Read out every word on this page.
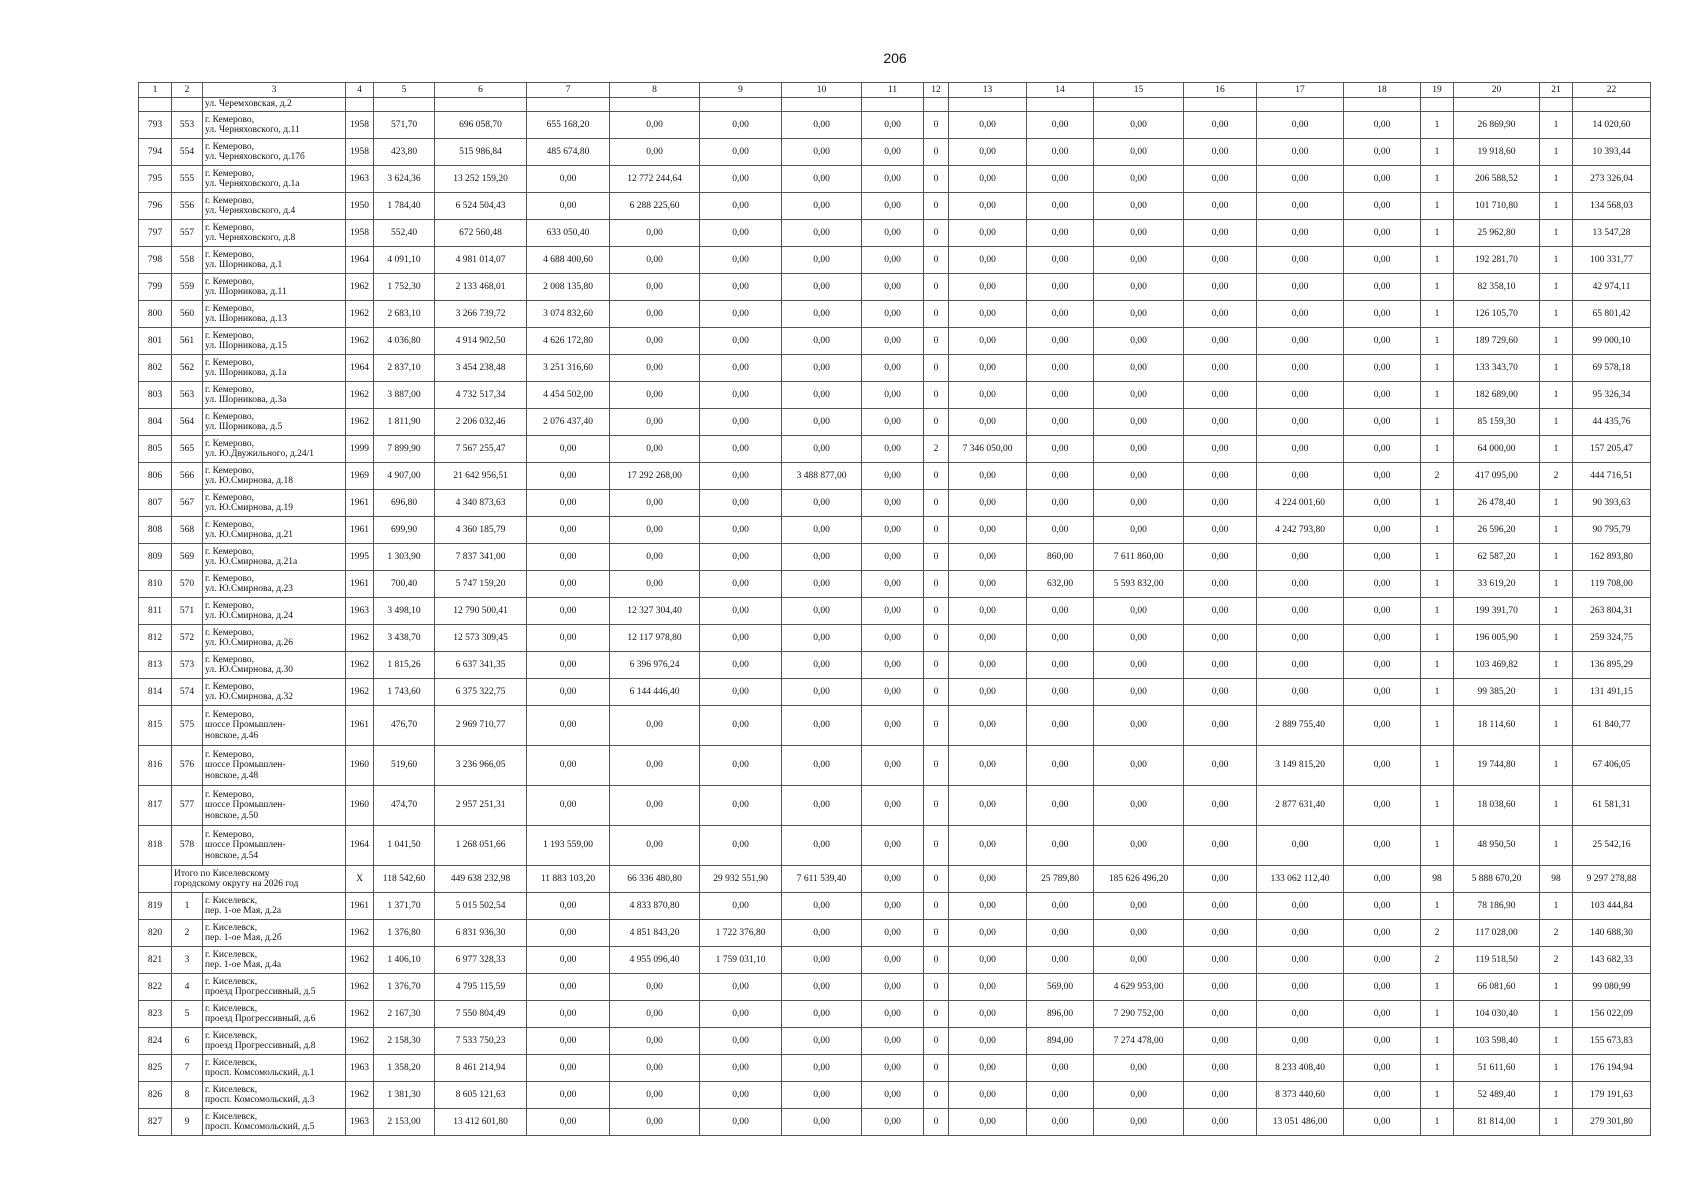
206
1	2	3	4	5	6	7	8	9	10	11	12	13	14	15	16	17	18	19	20	21	22
		ул. Черемховская, д.2																			
793	553	г. Кемерово,
ул. Черняховского, д.11	1958	571,70	696 058,70	655 168,20	0,00	0,00	0,00	0,00	0	0,00	0,00	0,00	0,00	0,00	0,00	1	26 869,90	1	14 020,60
794	554	г. Кемерово,
ул. Черняховского, д.17б	1958	423,80	515 986,84	485 674,80	0,00	0,00	0,00	0,00	0	0,00	0,00	0,00	0,00	0,00	0,00	1	19 918,60	1	10 393,44
795	555	г. Кемерово,
ул. Черняховского, д.1а	1963	3 624,36	13 252 159,20	0,00	12 772 244,64	0,00	0,00	0,00	0	0,00	0,00	0,00	0,00	0,00	0,00	1	206 588,52	1	273 326,04
796	556	г. Кемерово,
ул. Черняховского, д.4	1950	1 784,40	6 524 504,43	0,00	6 288 225,60	0,00	0,00	0,00	0	0,00	0,00	0,00	0,00	0,00	0,00	1	101 710,80	1	134 568,03
797	557	г. Кемерово,
ул. Черняховского, д.8	1958	552,40	672 560,48	633 050,40	0,00	0,00	0,00	0,00	0	0,00	0,00	0,00	0,00	0,00	0,00	1	25 962,80	1	13 547,28
798	558	г. Кемерово,
ул. Шорникова, д.1	1964	4 091,10	4 981 014,07	4 688 400,60	0,00	0,00	0,00	0,00	0	0,00	0,00	0,00	0,00	0,00	0,00	1	192 281,70	1	100 331,77
799	559	г. Кемерово,
ул. Шорникова, д.11	1962	1 752,30	2 133 468,01	2 008 135,80	0,00	0,00	0,00	0,00	0	0,00	0,00	0,00	0,00	0,00	0,00	1	82 358,10	1	42 974,11
800	560	г. Кемерово,
ул. Шорникова, д.13	1962	2 683,10	3 266 739,72	3 074 832,60	0,00	0,00	0,00	0,00	0	0,00	0,00	0,00	0,00	0,00	0,00	1	126 105,70	1	65 801,42
801	561	г. Кемерово,
ул. Шорникова, д.15	1962	4 036,80	4 914 902,50	4 626 172,80	0,00	0,00	0,00	0,00	0	0,00	0,00	0,00	0,00	0,00	0,00	1	189 729,60	1	99 000,10
802	562	г. Кемерово,
ул. Шорникова, д.1а	1964	2 837,10	3 454 238,48	3 251 316,60	0,00	0,00	0,00	0,00	0	0,00	0,00	0,00	0,00	0,00	0,00	1	133 343,70	1	69 578,18
803	563	г. Кемерово,
ул. Шорникова, д.3а	1962	3 887,00	4 732 517,34	4 454 502,00	0,00	0,00	0,00	0,00	0	0,00	0,00	0,00	0,00	0,00	0,00	1	182 689,00	1	95 326,34
804	564	г. Кемерово,
ул. Шорникова, д.5	1962	1 811,90	2 206 032,46	2 076 437,40	0,00	0,00	0,00	0,00	0	0,00	0,00	0,00	0,00	0,00	0,00	1	85 159,30	1	44 435,76
805	565	г. Кемерово,
ул. Ю.Двужильного, д.24/1	1999	7 899,90	7 567 255,47	0,00	0,00	0,00	0,00	0,00	2	7 346 050,00	0,00	0,00	0,00	0,00	0,00	1	64 000,00	1	157 205,47
806	566	г. Кемерово,
ул. Ю.Смирнова, д.18	1969	4 907,00	21 642 956,51	0,00	17 292 268,00	0,00	3 488 877,00	0,00	0	0,00	0,00	0,00	0,00	0,00	0,00	2	417 095,00	2	444 716,51
807	567	г. Кемерово,
ул. Ю.Смирнова, д.19	1961	696,80	4 340 873,63	0,00	0,00	0,00	0,00	0,00	0	0,00	0,00	0,00	0,00	4 224 001,60	0,00	1	26 478,40	1	90 393,63
808	568	г. Кемерово,
ул. Ю.Смирнова, д.21	1961	699,90	4 360 185,79	0,00	0,00	0,00	0,00	0,00	0	0,00	0,00	0,00	0,00	4 242 793,80	0,00	1	26 596,20	1	90 795,79
809	569	г. Кемерово,
ул. Ю.Смирнова, д.21а	1995	1 303,90	7 837 341,00	0,00	0,00	0,00	0,00	0,00	0	0,00	860,00	7 611 860,00	0,00	0,00	0,00	1	62 587,20	1	162 893,80
810	570	г. Кемерово,
ул. Ю.Смирнова, д.23	1961	700,40	5 747 159,20	0,00	0,00	0,00	0,00	0,00	0	0,00	632,00	5 593 832,00	0,00	0,00	0,00	1	33 619,20	1	119 708,00
811	571	г. Кемерово,
ул. Ю.Смирнова, д.24	1963	3 498,10	12 790 500,41	0,00	12 327 304,40	0,00	0,00	0,00	0	0,00	0,00	0,00	0,00	0,00	0,00	1	199 391,70	1	263 804,31
812	572	г. Кемерово,
ул. Ю.Смирнова, д.26	1962	3 438,70	12 573 309,45	0,00	12 117 978,80	0,00	0,00	0,00	0	0,00	0,00	0,00	0,00	0,00	0,00	1	196 005,90	1	259 324,75
813	573	г. Кемерово,
ул. Ю.Смирнова, д.30	1962	1 815,26	6 637 341,35	0,00	6 396 976,24	0,00	0,00	0,00	0	0,00	0,00	0,00	0,00	0,00	0,00	1	103 469,82	1	136 895,29
814	574	г. Кемерово,
ул. Ю.Смирнова, д.32	1962	1 743,60	6 375 322,75	0,00	6 144 446,40	0,00	0,00	0,00	0	0,00	0,00	0,00	0,00	0,00	0,00	1	99 385,20	1	131 491,15
815	575	г. Кемерово,
шоссе Промышлен-
новское, д.46	1961	476,70	2 969 710,77	0,00	0,00	0,00	0,00	0,00	0	0,00	0,00	0,00	0,00	2 889 755,40	0,00	1	18 114,60	1	61 840,77
816	576	г. Кемерово,
шоссе Промышлен-
новское, д.48	1960	519,60	3 236 966,05	0,00	0,00	0,00	0,00	0,00	0	0,00	0,00	0,00	0,00	3 149 815,20	0,00	1	19 744,80	1	67 406,05
817	577	г. Кемерово,
шоссе Промышлен-
новское, д.50	1960	474,70	2 957 251,31	0,00	0,00	0,00	0,00	0,00	0	0,00	0,00	0,00	0,00	2 877 631,40	0,00	1	18 038,60	1	61 581,31
818	578	г. Кемерово,
шоссе Промышлен-
новское, д.54	1964	1 041,50	1 268 051,66	1 193 559,00	0,00	0,00	0,00	0,00	0	0,00	0,00	0,00	0,00	0,00	0,00	1	48 950,50	1	25 542,16
	Итого по Киселевскому
городскому округу на 2026 год		X	118 542,60	449 638 232,98	11 883 103,20	66 336 480,80	29 932 551,90	7 611 539,40	0,00	0	0,00	25 789,80	185 626 496,20	0,00	133 062 112,40	0,00	98	5 888 670,20	98	9 297 278,88
819	1	г. Киселевск,
пер. 1-ое Мая, д.2а	1961	1 371,70	5 015 502,54	0,00	4 833 870,80	0,00	0,00	0,00	0	0,00	0,00	0,00	0,00	0,00	0,00	1	78 186,90	1	103 444,84
820	2	г. Киселевск,
пер. 1-ое Мая, д.2б	1962	1 376,80	6 831 936,30	0,00	4 851 843,20	1 722 376,80	0,00	0,00	0	0,00	0,00	0,00	0,00	0,00	0,00	2	117 028,00	2	140 688,30
821	3	г. Киселевск,
пер. 1-ое Мая, д.4а	1962	1 406,10	6 977 328,33	0,00	4 955 096,40	1 759 031,10	0,00	0,00	0	0,00	0,00	0,00	0,00	0,00	0,00	2	119 518,50	2	143 682,33
822	4	г. Киселевск,
проезд Прогрессивный, д.5	1962	1 376,70	4 795 115,59	0,00	0,00	0,00	0,00	0,00	0	0,00	569,00	4 629 953,00	0,00	0,00	0,00	1	66 081,60	1	99 080,99
823	5	г. Киселевск,
проезд Прогрессивный, д.6	1962	2 167,30	7 550 804,49	0,00	0,00	0,00	0,00	0,00	0	0,00	896,00	7 290 752,00	0,00	0,00	0,00	1	104 030,40	1	156 022,09
824	6	г. Киселевск,
проезд Прогрессивный, д.8	1962	2 158,30	7 533 750,23	0,00	0,00	0,00	0,00	0,00	0	0,00	894,00	7 274 478,00	0,00	0,00	0,00	1	103 598,40	1	155 673,83
825	7	г. Киселевск,
просп. Комсомольский, д.1	1963	1 358,20	8 461 214,94	0,00	0,00	0,00	0,00	0,00	0	0,00	0,00	0,00	0,00	8 233 408,40	0,00	1	51 611,60	1	176 194,94
826	8	г. Киселевск,
просп. Комсомольский, д.3	1962	1 381,30	8 605 121,63	0,00	0,00	0,00	0,00	0,00	0	0,00	0,00	0,00	0,00	8 373 440,60	0,00	1	52 489,40	1	179 191,63
827	9	г. Киселевск,
просп. Комсомольский, д.5	1963	2 153,00	13 412 601,80	0,00	0,00	0,00	0,00	0,00	0	0,00	0,00	0,00	0,00	13 051 486,00	0,00	1	81 814,00	1	279 301,80
